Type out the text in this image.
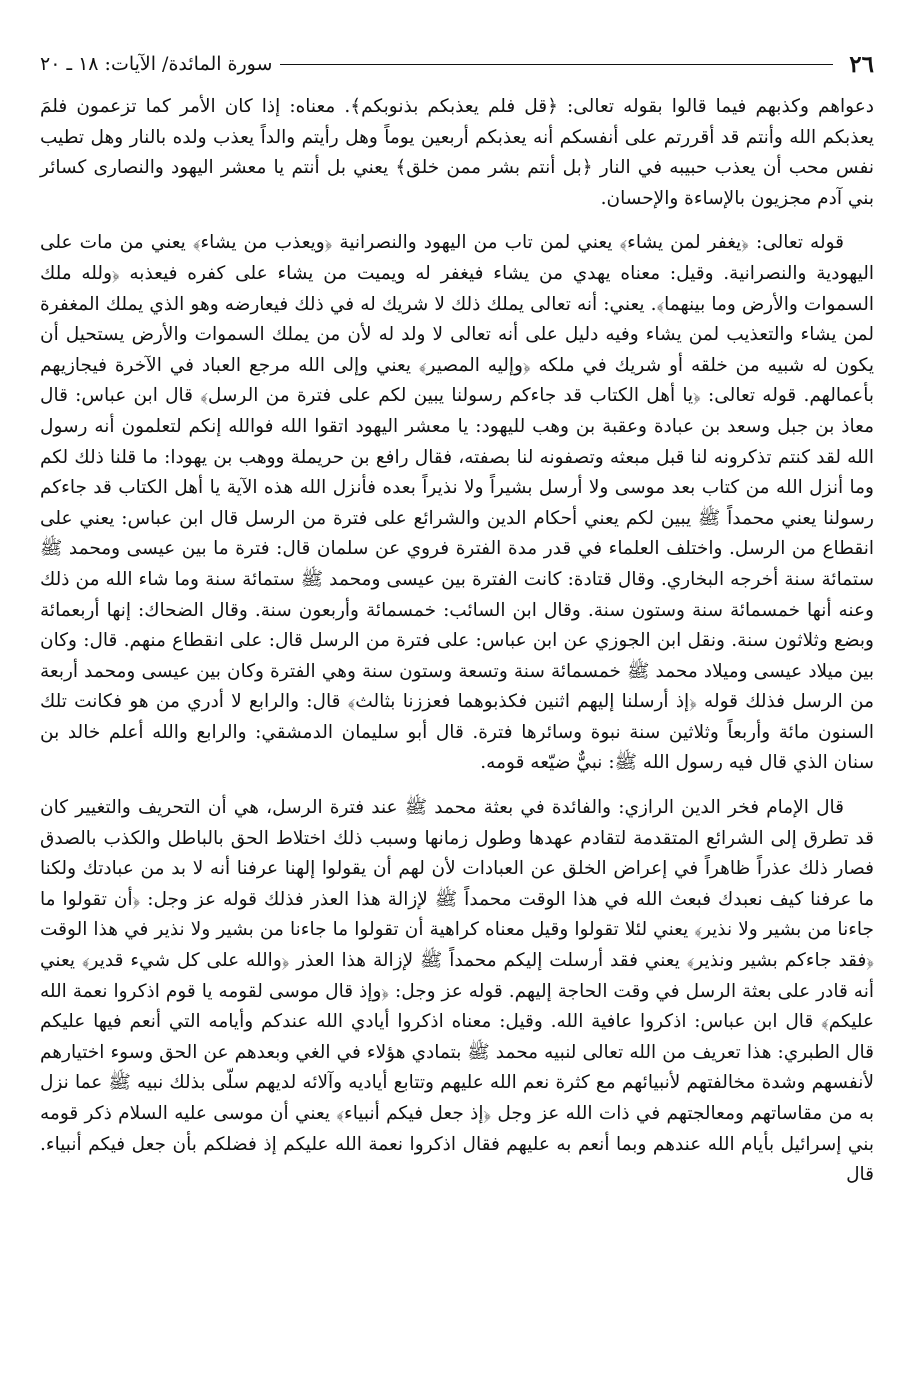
٢٦
سورة المائدة/ الآيات: ١٨ ـ ٢٠

دعواهم وكذبهم فيما قالوا بقوله تعالى: ﴿قل فلم يعذبكم بذنوبكم﴾. معناه: إذا كان الأمر كما تزعمون فلمَ يعذبكم الله وأنتم قد أقررتم على أنفسكم أنه يعذبكم أربعين يوماً وهل رأيتم والداً يعذب ولده بالنار وهل تطيب نفس محب أن يعذب حبيبه في النار ﴿بل أنتم بشر ممن خلق﴾ يعني بل أنتم يا معشر اليهود والنصارى كسائر بني آدم مجزيون بالإساءة والإحسان.

قوله تعالى: ﴿يغفر لمن يشاء﴾ يعني لمن تاب من اليهود والنصرانية ﴿ويعذب من يشاء﴾ يعني من مات على اليهودية والنصرانية. وقيل: معناه يهدي من يشاء فيغفر له ويميت من يشاء على كفره فيعذبه ﴿ولله ملك السموات والأرض وما بينهما﴾. يعني: أنه تعالى يملك ذلك لا شريك له في ذلك فيعارضه وهو الذي يملك المغفرة لمن يشاء والتعذيب لمن يشاء وفيه دليل على أنه تعالى لا ولد له لأن من يملك السموات والأرض يستحيل أن يكون له شبيه من خلقه أو شريك في ملكه ﴿وإليه المصير﴾ يعني وإلى الله مرجع العباد في الآخرة فيجازيهم بأعمالهم. قوله تعالى: ﴿يا أهل الكتاب قد جاءكم رسولنا يبين لكم على فترة من الرسل﴾ قال ابن عباس: قال معاذ بن جبل وسعد بن عبادة وعقبة بن وهب لليهود: يا معشر اليهود اتقوا الله فوالله إنكم لتعلمون أنه رسول الله لقد كنتم تذكرونه لنا قبل مبعثه وتصفونه لنا بصفته، فقال رافع بن حريملة ووهب بن يهودا: ما قلنا ذلك لكم وما أنزل الله من كتاب بعد موسى ولا أرسل بشيراً ولا نذيراً بعده فأنزل الله هذه الآية يا أهل الكتاب قد جاءكم رسولنا يعني محمداً ﷺ يبين لكم يعني أحكام الدين والشرائع على فترة من الرسل قال ابن عباس: يعني على انقطاع من الرسل. واختلف العلماء في قدر مدة الفترة فروي عن سلمان قال: فترة ما بين عيسى ومحمد ﷺ ستمائة سنة أخرجه البخاري. وقال قتادة: كانت الفترة بين عيسى ومحمد ﷺ ستمائة سنة وما شاء الله من ذلك وعنه أنها خمسمائة سنة وستون سنة. وقال ابن السائب: خمسمائة وأربعون سنة. وقال الضحاك: إنها أربعمائة وبضع وثلاثون سنة. ونقل ابن الجوزي عن ابن عباس: على فترة من الرسل قال: على انقطاع منهم. قال: وكان بين ميلاد عيسى وميلاد محمد ﷺ خمسمائة سنة وتسعة وستون سنة وهي الفترة وكان بين عيسى ومحمد أربعة من الرسل فذلك قوله ﴿إذ أرسلنا إليهم اثنين فكذبوهما فعززنا بثالث﴾ قال: والرابع لا أدري من هو فكانت تلك السنون مائة وأربعاً وثلاثين سنة نبوة وسائرها فترة. قال أبو سليمان الدمشقي: والرابع والله أعلم خالد بن سنان الذي قال فيه رسول الله ﷺ: نبيٌّ ضيّعه قومه.

قال الإمام فخر الدين الرازي: والفائدة في بعثة محمد ﷺ عند فترة الرسل، هي أن التحريف والتغيير كان قد تطرق إلى الشرائع المتقدمة لتقادم عهدها وطول زمانها وسبب ذلك اختلاط الحق بالباطل والكذب بالصدق فصار ذلك عذراً ظاهراً في إعراض الخلق عن العبادات لأن لهم أن يقولوا إلهنا عرفنا أنه لا بد من عبادتك ولكنا ما عرفنا كيف نعبدك فبعث الله في هذا الوقت محمداً ﷺ لإزالة هذا العذر فذلك قوله عز وجل: ﴿أن تقولوا ما جاءنا من بشير ولا نذير﴾ يعني لئلا تقولوا وقيل معناه كراهية أن تقولوا ما جاءنا من بشير ولا نذير في هذا الوقت ﴿فقد جاءكم بشير ونذير﴾ يعني فقد أرسلت إليكم محمداً ﷺ لإزالة هذا العذر ﴿والله على كل شيء قدير﴾ يعني أنه قادر على بعثة الرسل في وقت الحاجة إليهم. قوله عز وجل: ﴿وإذ قال موسى لقومه يا قوم اذكروا نعمة الله عليكم﴾ قال ابن عباس: اذكروا عافية الله. وقيل: معناه اذكروا أيادي الله عندكم وأيامه التي أنعم فيها عليكم قال الطبري: هذا تعريف من الله تعالى لنبيه محمد ﷺ بتمادي هؤلاء في الغي وبعدهم عن الحق وسوء اختيارهم لأنفسهم وشدة مخالفتهم لأنبيائهم مع كثرة نعم الله عليهم وتتابع أياديه وآلائه لديهم سلّى بذلك نبيه ﷺ عما نزل به من مقاساتهم ومعالجتهم في ذات الله عز وجل ﴿إذ جعل فيكم أنبياء﴾ يعني أن موسى عليه السلام ذكر قومه بني إسرائيل بأيام الله عندهم وبما أنعم به عليهم فقال اذكروا نعمة الله عليكم إذ فضلكم بأن جعل فيكم أنبياء. قال
